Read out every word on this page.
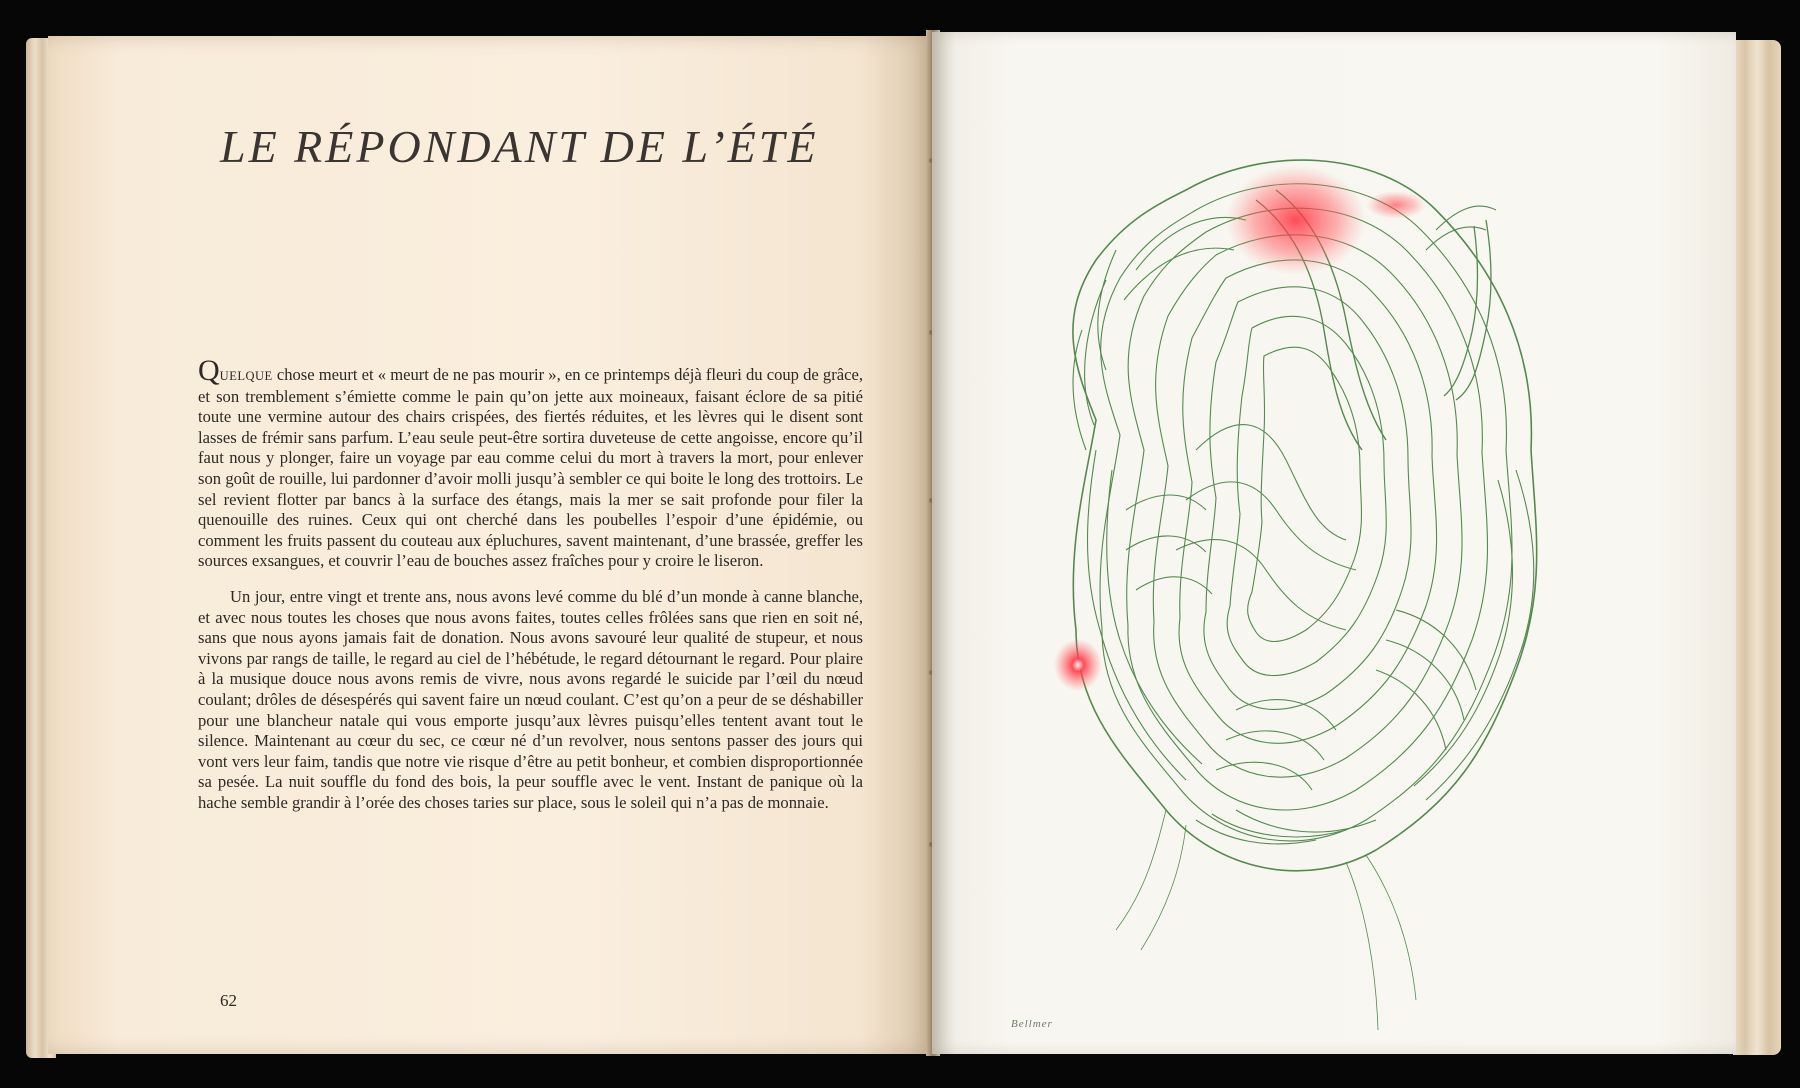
LE RÉPONDANT DE L’ÉTÉ

QUELQUE chose meurt et « meurt de ne pas mourir », en ce printemps déjà fleuri du coup de grâce, et son tremblement s’émiette comme le pain qu’on jette aux moineaux, faisant éclore de sa pitié toute une vermine autour des chairs crispées, des fiertés réduites, et les lèvres qui le disent sont lasses de frémir sans parfum. L’eau seule peut-être sortira duveteuse de cette angoisse, encore qu’il faut nous y plonger, faire un voyage par eau comme celui du mort à travers la mort, pour enlever son goût de rouille, lui pardonner d’avoir molli jusqu’à sembler ce qui boite le long des trottoirs. Le sel revient flotter par bancs à la surface des étangs, mais la mer se sait profonde pour filer la quenouille des ruines. Ceux qui ont cherché dans les poubelles l’espoir d’une épidémie, ou comment les fruits passent du couteau aux épluchures, savent maintenant, d’une brassée, greffer les sources exsangues, et couvrir l’eau de bouches assez fraîches pour y croire le liseron.

Un jour, entre vingt et trente ans, nous avons levé comme du blé d’un monde à canne blanche, et avec nous toutes les choses que nous avons faites, toutes celles frôlées sans que rien en soit né, sans que nous ayons jamais fait de donation. Nous avons savouré leur qualité de stupeur, et nous vivons par rangs de taille, le regard au ciel de l’hébétude, le regard détournant le regard. Pour plaire à la musique douce nous avons remis de vivre, nous avons regardé le suicide par l’œil du nœud coulant; drôles de désespérés qui savent faire un nœud coulant. C’est qu’on a peur de se déshabiller pour une blancheur natale qui vous emporte jusqu’aux lèvres puisqu’elles tentent avant tout le silence. Maintenant au cœur du sec, ce cœur né d’un revolver, nous sentons passer des jours qui vont vers leur faim, tandis que notre vie risque d’être au petit bonheur, et combien disproportionnée sa pesée. La nuit souffle du fond des bois, la peur souffle avec le vent. Instant de panique où la hache semble grandir à l’orée des choses taries sur place, sous le soleil qui n’a pas de monnaie.

62
Bellmer
